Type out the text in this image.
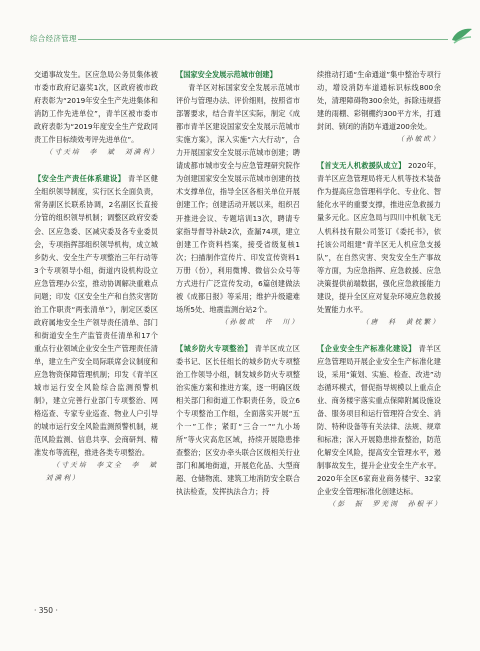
综合经济管理

交通事故发生。区应急局公务员集体被市委市政府记嘉奖1次，区政府被市政府表彰为“2019年安全生产先进集体和消防工作先进单位”，青羊区被市委市政府表彰为“2019年度安全生产党政同责工作目标绩效考评先进单位”。

（寸天培　李　斌　刘满利）

【安全生产责任体系建设】 青羊区健全组织领导制度，实行区长全面负责，常务副区长联系协调，2名副区长直接分管的组织领导机制；调整区政府安委会、区应急委、区减灾委及各专业委员会，专项指挥部组织领导机构，成立城乡防火、安全生产专项整治三年行动等3个专项领导小组，街道内设机构设立应急管理办公室，推动协调解决重难点问题；印发《区安全生产和自然灾害防治工作职责“两张清单”》，制定区委区政府属地安全生产领导责任清单、部门和街道安全生产监管责任清单和17个重点行业领域企业安全生产管理责任清单，建立生产安全局际联席会议制度和应急物资保障管理机制；印发《青羊区城市运行安全风险综合监测预警机制》，建立完善行业部门专项整治、网格巡查、专家专业巡查、物业人户引导的城市运行安全风险监测预警机制，规范风险监测、信息共享、会商研判、精准发布等流程，推进各类专项整治。

（寸天培　李文全　李　斌

刘满利）

【国家安全发展示范城市创建】

青羊区对标国家安全发展示范城市评价与管理办法、评价细则，按照省市部署要求，结合青羊区实际，制定《成都市青羊区建设国家安全发展示范城市实施方案》，深入实施“六大行动”，合力开展国家安全发展示范城市创建；聘请成都市城市安全与应急管理研究院作为创建国家安全发展示范城市创建的技术支撑单位，指导全区各相关单位开展创建工作；创建活动开展以来，组织召开推进会议、专题培训13次，聘请专家指导督导补缺2次，查漏74项，建立创建工作资料档案，接受省级复核1次；扫描制作宣传片、印发宣传资料1万册（份），利用微博、微信公众号等方式进行广泛宣传发动，6篇创建做法被《成都日报》等采用；维护升级避难场所5处、地震监测台站2个。

（孙敏欧　许　川）

【城乡防火专项整治】 青羊区成立区委书记、区长任组长的城乡防火专项整治工作领导小组，制发城乡防火专项整治实施方案和推进方案，逐一明确区级相关部门和街道工作职责任务，设立6个专项整治工作组，全面落实开展“五个一”工作；紧盯“三合一”“九小场所”等火灾高危区域，持续开展隐患排查整治；区安办牵头联合区级相关行业部门和属地街道，开展危化品、大型商超、仓储物流、建筑工地消防安全联合执法检查，发挥执法合力；持

续推动打通“生命通道”集中整治专项行动，增设消防车道通标识标线800余处，清理障碍物300余处，拆除违规搭建的雨棚、彩钢棚约300平方米，打通封闭、锁闭的消防车通道200余处。

（孙敏欧）

【首支无人机救援队成立】 2020年，青羊区应急管理局将无人机等技术装备作为提高应急管理科学化、专业化、智能化水平的重要支撑，推进应急救援力量多元化。区应急局与四川中机航飞无人机科技有限公司签订《委托书》，依托该公司组建“青羊区无人机应急支援队”，在自然灾害、突发安全生产事故等方面，为应急指挥、应急救援、应急决策提供前端数据，强化应急救援能力建设，提升全区应对复杂环境应急救援处置能力水平。

（唐　科　黄枕繁）

【企业安全生产标准化建设】 青羊区应急管理局开展企业安全生产标准化建设，采用“策划、实施、检查、改进”动态循环模式，督促指导规模以上重点企业、商务楼宇落实重点保障附属设施设备、服务项目和运行管理符合安全、消防、特种设备等有关法律、法规、规章和标准；深入开展隐患排查整治，防范化解安全风险，提高安全管理水平，遏制事故发生，提升企业安全生产水平。2020年全区6家商业商务楼宇、32家企业安全管理标准化创建达标。

（彭　振　罗光浏　孙根平）

· 350 ·
